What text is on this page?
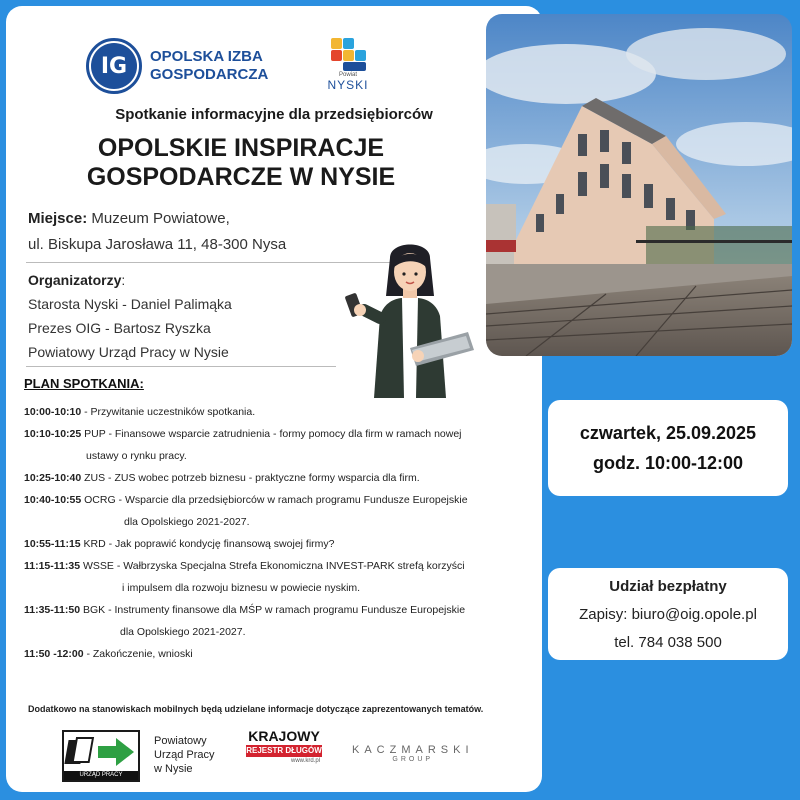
IG	OPOLSKA IZBA
GOSPODARCZA	Powiat
NYSKI
Spotkanie informacyjne dla przedsiębiorców
OPOLSKIE INSPIRACJE
GOSPODARCZE W NYSIE
Miejsce: Muzeum Powiatowe,
ul. Biskupa Jarosława 11, 48-300 Nysa
Organizatorzy:
Starosta Nyski - Daniel Palimąka
Prezes OIG - Bartosz Ryszka
Powiatowy Urząd Pracy w Nysie
PLAN SPOTKANIA:
10:00-10:10 - Przywitanie uczestników spotkania.
10:10-10:25 PUP - Finansowe wsparcie zatrudnienia - formy pomocy dla firm w ramach nowej
ustawy o rynku pracy.
10:25-10:40 ZUS - ZUS wobec potrzeb biznesu - praktyczne formy wsparcia dla firm.
10:40-10:55 OCRG - Wsparcie dla przedsiębiorców w ramach programu Fundusze Europejskie
dla Opolskiego 2021-2027.
10:55-11:15 KRD - Jak poprawić kondycję finansową swojej firmy?
11:15-11:35 WSSE - Wałbrzyska Specjalna Strefa Ekonomiczna INVEST-PARK strefą korzyści
i impulsem dla rozwoju biznesu w powiecie nyskim.
11:35-11:50 BGK - Instrumenty finansowe dla MŚP w ramach programu Fundusze Europejskie
dla Opolskiego 2021-2027.
11:50 -12:00 - Zakończenie, wnioski
Dodatkowo na stanowiskach mobilnych będą udzielane informacje dotyczące zaprezentowanych tematów.
URZĄD PRACY
Powiatowy
Urząd Pracy
w Nysie
KRAJOWY
REJESTR DŁUGÓW
www.krd.pl
KACZMARSKI
GROUP
czwartek, 25.09.2025
godz. 10:00-12:00
Udział bezpłatny
Zapisy: biuro@oig.opole.pl
tel. 784 038 500
